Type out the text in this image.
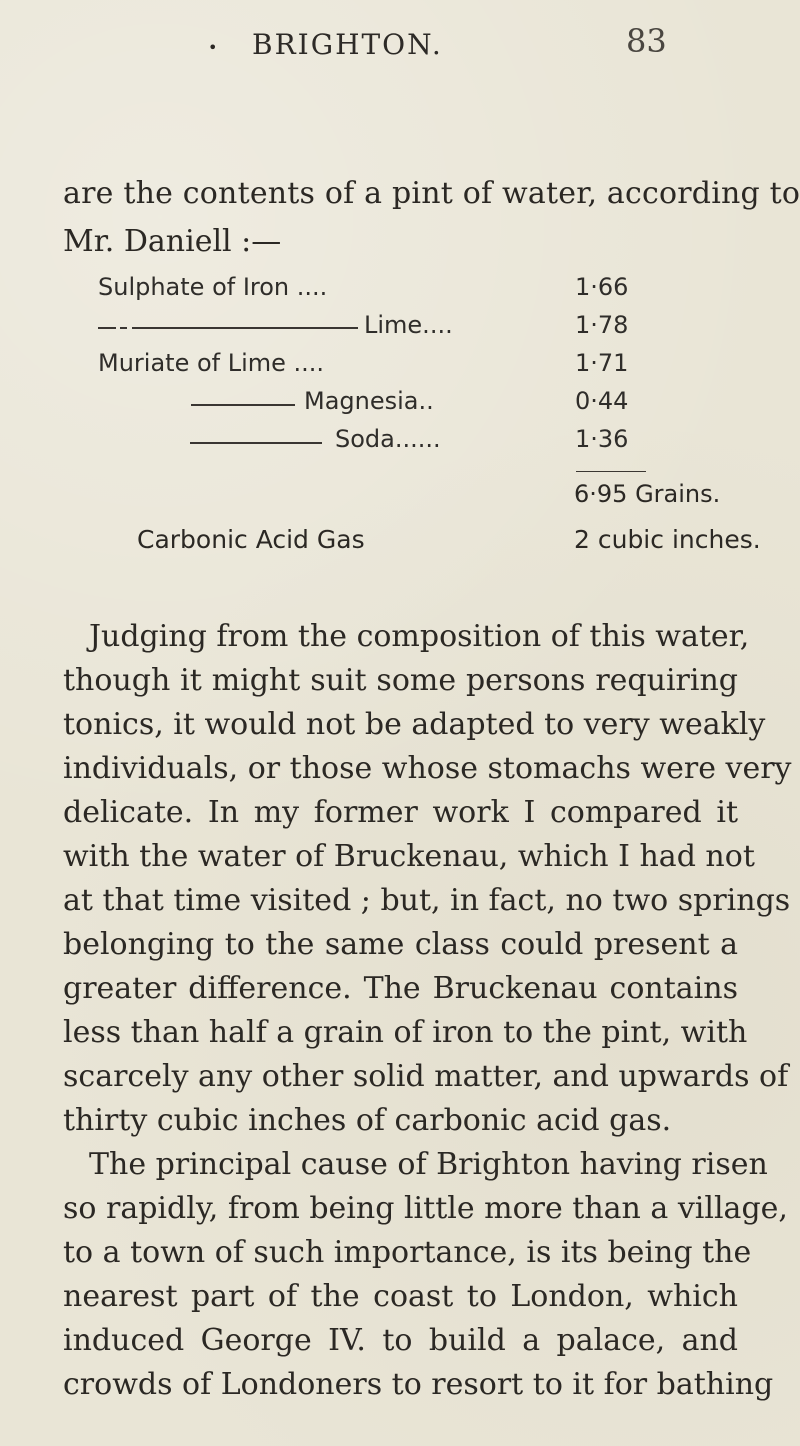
• BRIGHTON.	83
are the contents of a pint of water, according to
Mr. Daniell :—
Sulphate of Iron ....	1·66
Lime....	1·78
Muriate of Lime ....	1·71
Magnesia..	0·44
Soda......	1·36
6·95 Grains.
Carbonic Acid Gas	2 cubic inches.
Judging from the composition of this water,
though it might suit some persons requiring
tonics, it would not be adapted to very weakly
individuals, or those whose stomachs were very
delicate. In my former work I compared it
with the water of Bruckenau, which I had not
at that time visited ; but, in fact, no two springs
belonging to the same class could present a
greater difference. The Bruckenau contains
less than half a grain of iron to the pint, with
scarcely any other solid matter, and upwards of
thirty cubic inches of carbonic acid gas.
The principal cause of Brighton having risen
so rapidly, from being little more than a village,
to a town of such importance, is its being the
nearest part of the coast to London, which
induced George IV. to build a palace, and
crowds of Londoners to resort to it for bathing
